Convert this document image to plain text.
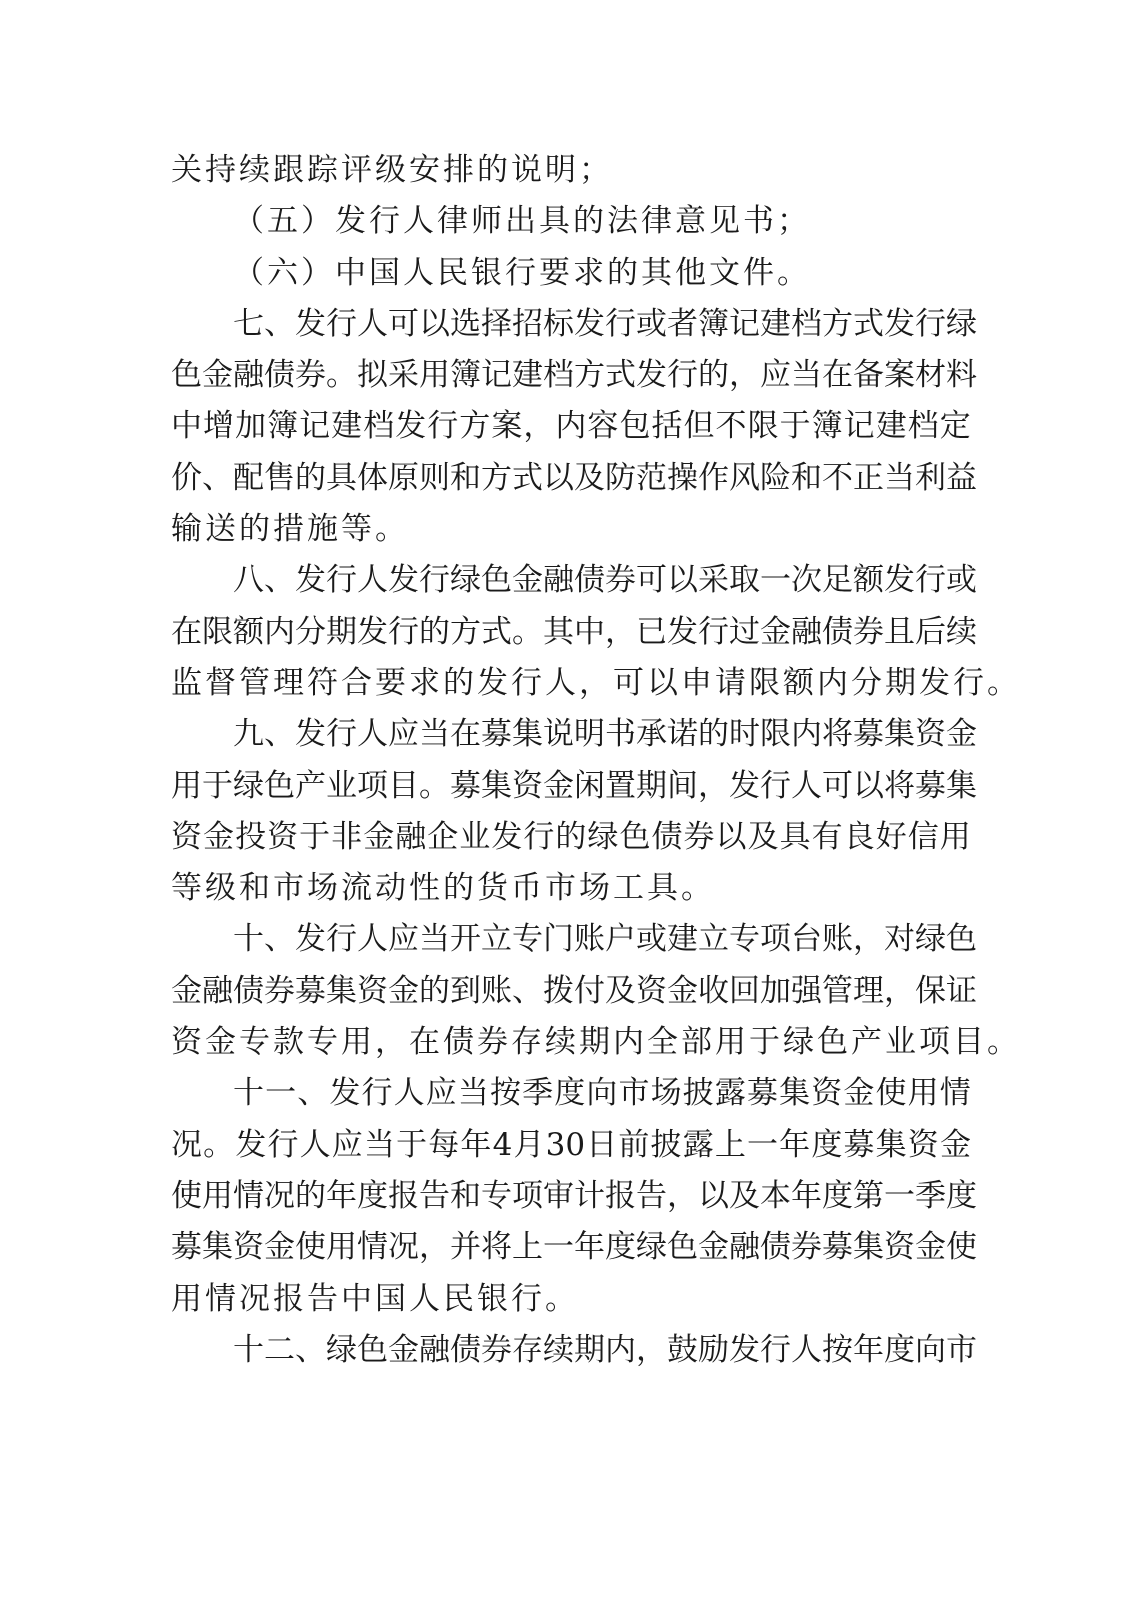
关持续跟踪评级安排的说明；
（五）发行人律师出具的法律意见书；
（六）中国人民银行要求的其他文件。
七 、 发 行 人 可 以 选 择 招 标 发 行 或 者 簿 记 建 档 方 式 发 行 绿
色 金 融 债 券 。 拟 采 用 簿 记 建 档 方 式 发 行 的 ， 应 当 在 备 案 材 料
中 增 加 簿 记 建 档 发 行 方 案 ， 内 容 包 括 但 不 限 于 簿 记 建 档 定
价 、 配 售 的 具 体 原 则 和 方 式 以 及 防 范 操 作 风 险 和 不 正 当 利 益
输送的措施等。
八 、 发 行 人 发 行 绿 色 金 融 债 券 可 以 采 取 一 次 足 额 发 行 或
在 限 额 内 分 期 发 行 的 方 式 。 其 中 ， 已 发 行 过 金 融 债 券 且 后 续
监督管理符合要求的发行人，可以申请限额内分期发行。
九 、 发 行 人 应 当 在 募 集 说 明 书 承 诺 的 时 限 内 将 募 集 资 金
用 于 绿 色 产 业 项 目 。 募 集 资 金 闲 置 期 间 ， 发 行 人 可 以 将 募 集
资 金 投 资 于 非 金 融 企 业 发 行 的 绿 色 债 券 以 及 具 有 良 好 信 用
等级和市场流动性的货币市场工具。
十 、 发 行 人 应 当 开 立 专 门 账 户 或 建 立 专 项 台 账 ， 对 绿 色
金 融 债 券 募 集 资 金 的 到 账 、 拨 付 及 资 金 收 回 加 强 管 理 ， 保 证
资金专款专用，在债券存续期内全部用于绿色产业项目。
十 一 、 发 行 人 应 当 按 季 度 向 市 场 披 露 募 集 资 金 使 用 情
况 。 发 行 人 应 当 于 每 年 4 月 30 日 前 披 露 上 一 年 度 募 集 资 金
使 用 情 况 的 年 度 报 告 和 专 项 审 计 报 告 ， 以 及 本 年 度 第 一 季 度
募 集 资 金 使 用 情 况 ， 并 将 上 一 年 度 绿 色 金 融 债 券 募 集 资 金 使
用情况报告中国人民银行。
十 二 、 绿 色 金 融 债 券 存 续 期 内 ， 鼓 励 发 行 人 按 年 度 向 市
